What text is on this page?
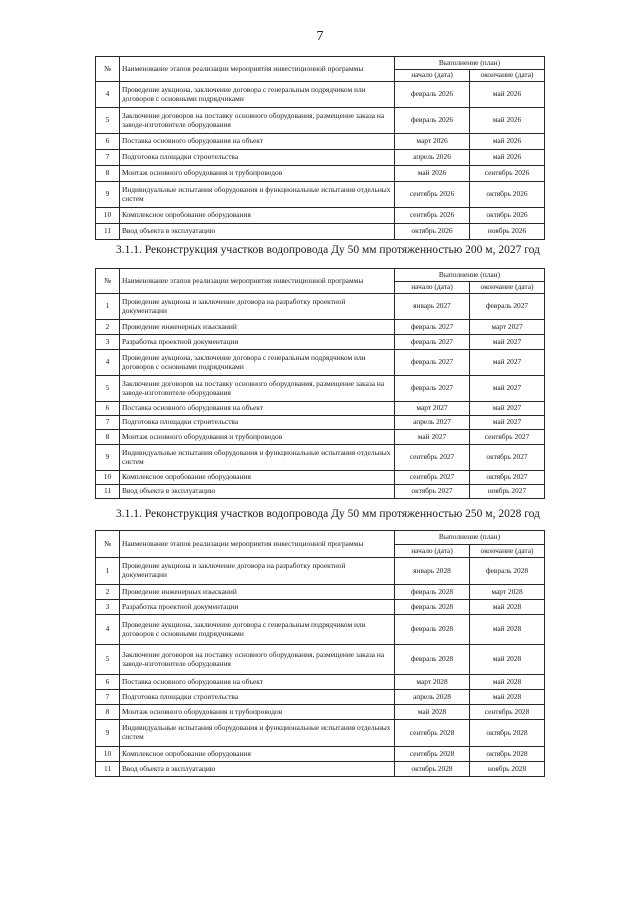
7
№	Наименование этапов реализации мероприятия инвестиционной программы	Выполнение (план)	
		начало (дата)	окончание (дата)
4	Проведение аукциона, заключение договора с генеральным подрядчиком или договоров с основными подрядчиками	февраль 2026	май 2026
5	Заключение договоров на поставку основного оборудования, размещение заказа на заводе-изготовителе оборудования	февраль 2026	май 2026
6	Поставка основного оборудования на объект	март 2026	май 2026
7	Подготовка площадки строительства	апрель 2026	май 2026
8	Монтаж основного оборудования и трубопроводов	май 2026	сентябрь 2026
9	Индивидуальные испытания оборудования и функциональные испытания отдельных систем	сентябрь 2026	октябрь 2026
10	Комплексное опробование оборудования	сентябрь 2026	октябрь 2026
11	Ввод объекта в эксплуатацию	октябрь 2026	ноябрь 2026
3.1.1. Реконструкция участков водопровода Ду 50 мм протяженностью 200 м, 2027 год
№	Наименование этапов реализации мероприятия инвестиционной программы	Выполнение (план)	
		начало (дата)	окончание (дата)
1	Проведение аукциона и заключение договора на разработку проектной документации	январь 2027	февраль 2027
2	Проведение инженерных изысканий	февраль 2027	март 2027
3	Разработка проектной документации	февраль 2027	май 2027
4	Проведение аукциона, заключение договора с генеральным подрядчиком или договоров с основными подрядчиками	февраль 2027	май 2027
5	Заключение договоров на поставку основного оборудования, размещение заказа на заводе-изготовителе оборудования	февраль 2027	май 2027
6	Поставка основного оборудования на объект	март 2027	май 2027
7	Подготовка площадки строительства	апрель 2027	май 2027
8	Монтаж основного оборудования и трубопроводов	май 2027	сентябрь 2027
9	Индивидуальные испытания оборудования и функциональные испытания отдельных систем	сентябрь 2027	октябрь 2027
10	Комплексное опробование оборудования	сентябрь 2027	октябрь 2027
11	Ввод объекта в эксплуатацию	октябрь 2027	ноябрь 2027
3.1.1. Реконструкция участков водопровода Ду 50 мм протяженностью 250 м, 2028 год
№	Наименование этапов реализации мероприятия инвестиционной программы	Выполнение (план)	
		начало (дата)	окончание (дата)
1	Проведение аукциона и заключение договора на разработку проектной документации	январь 2028	февраль 2028
2	Проведение инженерных изысканий	февраль 2028	март 2028
3	Разработка проектной документации	февраль 2028	май 2028
4	Проведение аукциона, заключение договора с генеральным подрядчиком или договоров с основными подрядчиками	февраль 2028	май 2028
5	Заключение договоров на поставку основного оборудования, размещение заказа на заводе-изготовителе оборудования	февраль 2028	май 2028
6	Поставка основного оборудования на объект	март 2028	май 2028
7	Подготовка площадки строительства	апрель 2028	май 2028
8	Монтаж основного оборудования и трубопроводов	май 2028	сентябрь 2028
9	Индивидуальные испытания оборудования и функциональные испытания отдельных систем	сентябрь 2028	октябрь 2028
10	Комплексное опробование оборудования	сентябрь 2028	октябрь 2028
11	Ввод объекта в эксплуатацию	октябрь 2028	ноябрь 2028
